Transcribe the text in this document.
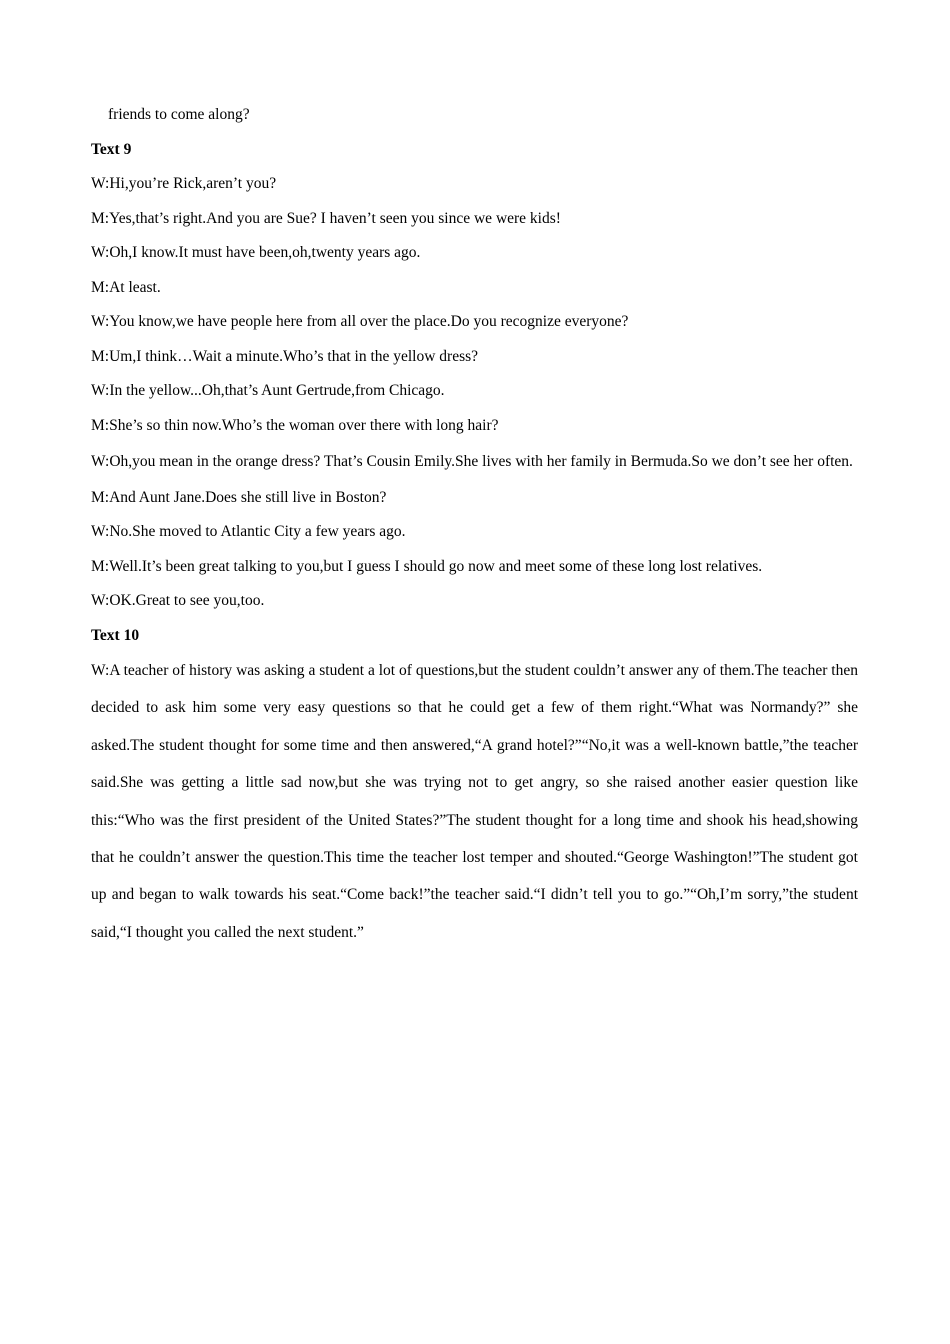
friends to come along?

Text 9

W:Hi,you’re Rick,aren’t you?

M:Yes,that’s right.And you are Sue? I haven’t seen you since we were kids!

W:Oh,I know.It must have been,oh,twenty years ago.

M:At least.

W:You know,we have people here from all over the place.Do you recognize everyone?

M:Um,I think…Wait a minute.Who’s that in the yellow dress?

W:In the yellow...Oh,that’s Aunt Gertrude,from Chicago.

M:She’s so thin now.Who’s the woman over there with long hair?

W:Oh,you mean in the orange dress? That’s Cousin Emily.She lives with her family in Bermuda.So we don’t see her often.

M:And Aunt Jane.Does she still live in Boston?

W:No.She moved to Atlantic City a few years ago.

M:Well.It’s been great talking to you,but I guess I should go now and meet some of these long lost relatives.

W:OK.Great to see you,too.

Text 10

W:A teacher of history was asking a student a lot of questions,but the student couldn’t answer any of them.The teacher then decided to ask him some very easy questions so that he could get a few of them right.“What was Normandy?” she asked.The student thought for some time and then answered,“A grand hotel?”“No,it was a well-known battle,”the teacher said.She was getting a little sad now,but she was trying not to get angry, so she raised another easier question like this:“Who was the first president of the United States?”The student thought for a long time and shook his head,showing that he couldn’t answer the question.This time the teacher lost temper and shouted.“George Washington!”The student got up and began to walk towards his seat.“Come back!”the teacher said.“I didn’t tell you to go.”“Oh,I’m sorry,”the student said,“I thought you called the next student.”
